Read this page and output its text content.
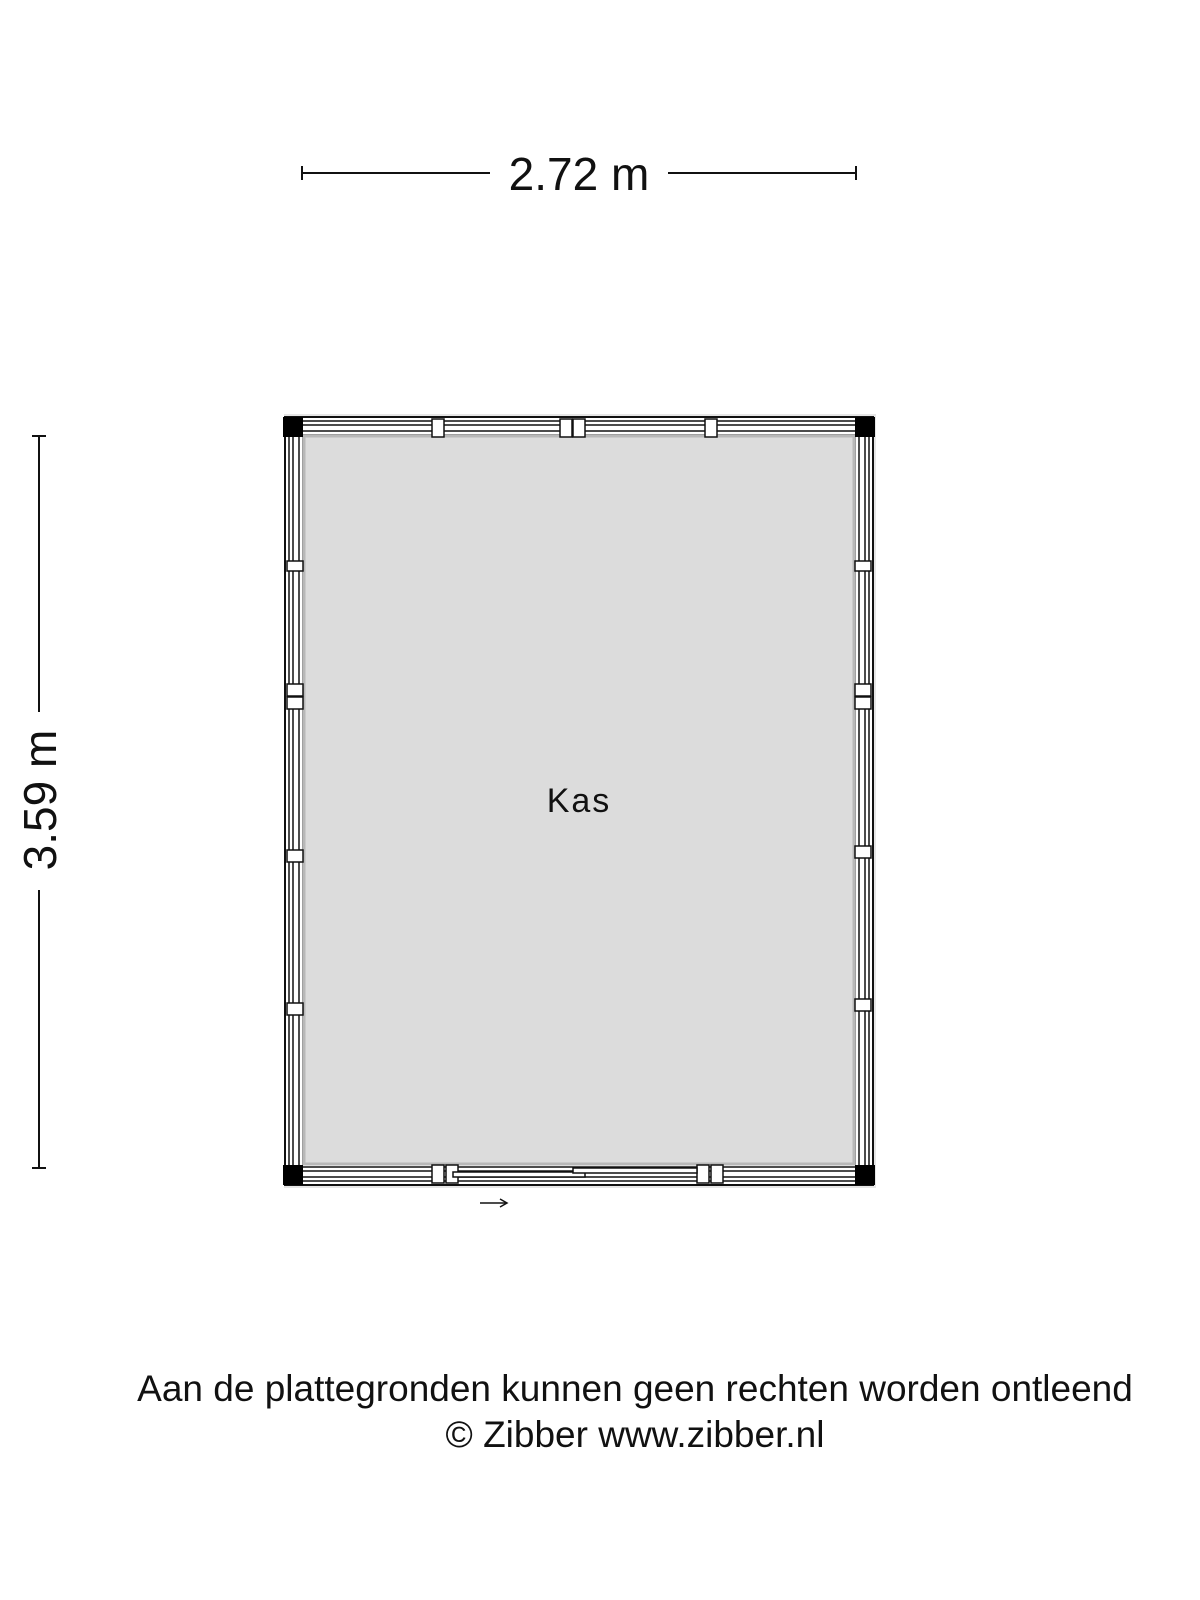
2.72 m
3.59 m	Kas
Aan de plattegronden kunnen geen rechten worden ontleend
© Zibber www.zibber.nl
